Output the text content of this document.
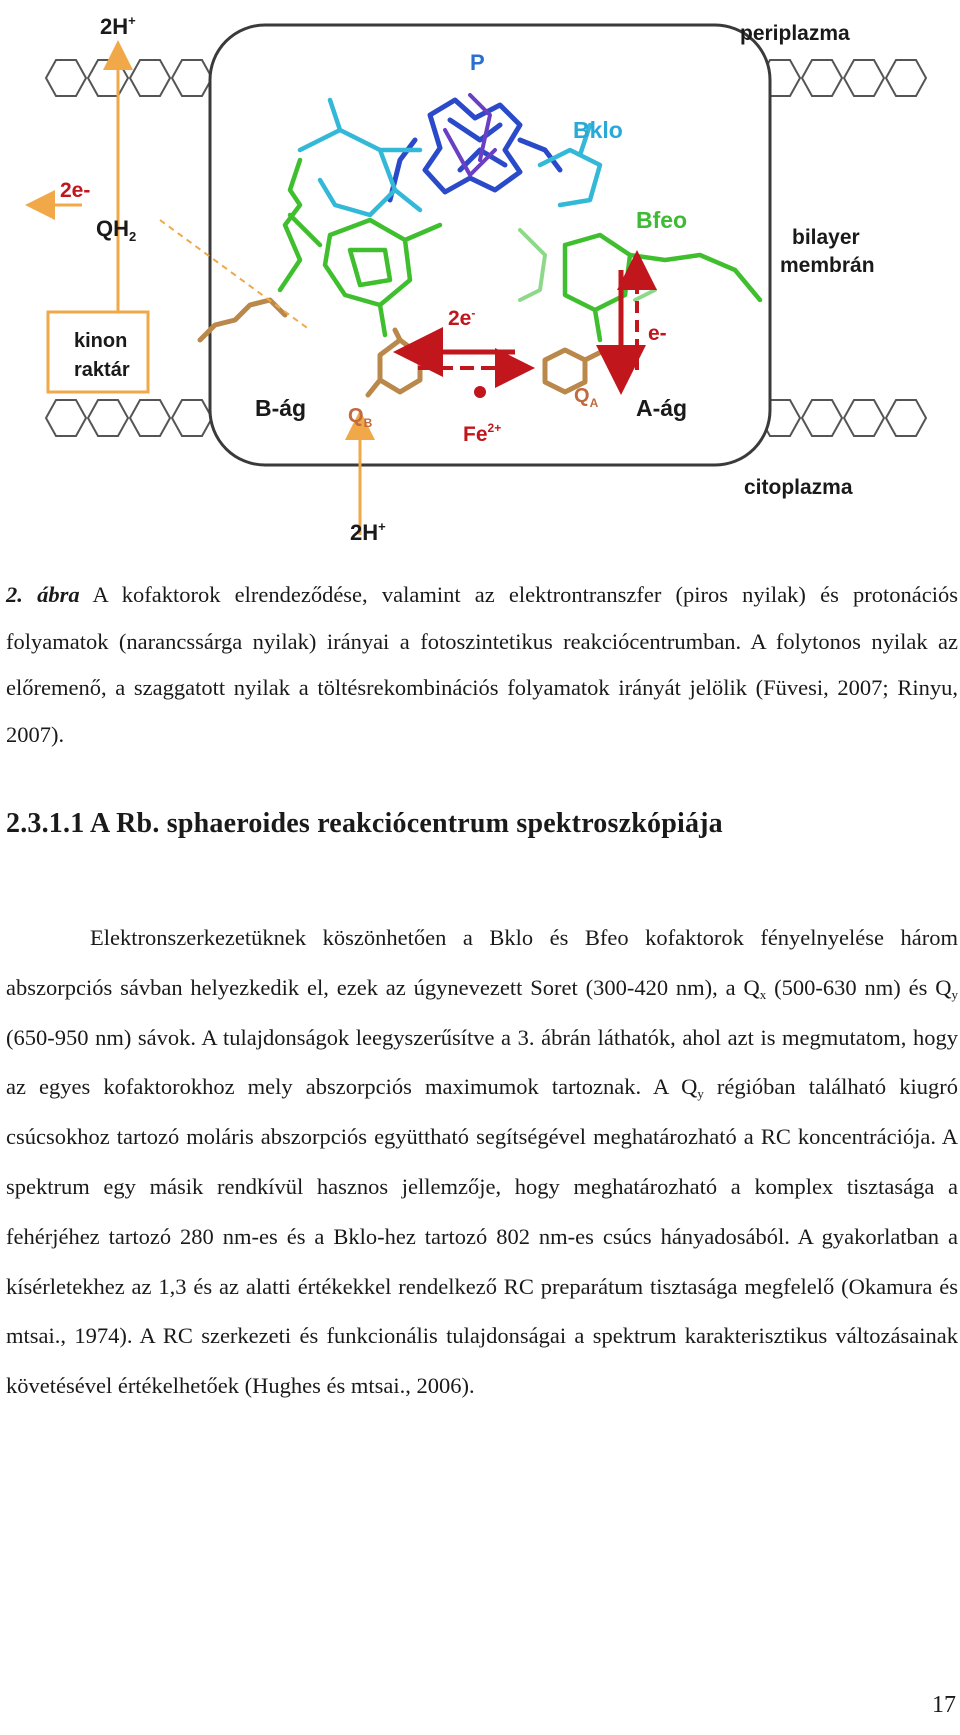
2H+
periplazma
P
Bklo
Bfeo
2e-
$QH_2$	bilayer
membrán
kinon
raktár
2e-
e-
B-ág	A-ág
$Q_B$
$Q_A$
$Fe^{2+}$
citoplazma
2H+

2. ábra A kofaktorok elrendeződése, valamint az elektrontranszfer (piros nyilak) és protonációs folyamatok (narancssárga nyilak) irányai a fotoszintetikus reakciócentrumban. A folytonos nyilak az előremenő, a szaggatott nyilak a töltésrekombinációs folyamatok irányát jelölik (Füvesi, 2007; Rinyu, 2007).

2.3.1.1 A Rb. sphaeroides reakciócentrum spektroszkópiája

Elektronszerkezetüknek köszönhetően a Bklo és Bfeo kofaktorok fényelnyelése három abszorpciós sávban helyezkedik el, ezek az úgynevezett Soret (300-420 nm), a $Q_x$ (500-630 nm) és $Q_y$ (650-950 nm) sávok. A tulajdonságok leegyszerűsítve a 3. ábrán láthatók, ahol azt is megmutatom, hogy az egyes kofaktorokhoz mely abszorpciós maximumok tartoznak. A $Q_y$ régióban található kiugró csúcsokhoz tartozó moláris abszorpciós együttható segítségével meghatározható a RC koncentrációja. A spektrum egy másik rendkívül hasznos jellemzője, hogy meghatározható a komplex tisztasága a fehérjéhez tartozó 280 nm-es és a Bklo-hez tartozó 802 nm-es csúcs hányadosából. A gyakorlatban a kísérletekhez az 1,3 és az alatti értékekkel rendelkező RC preparátum tisztasága megfelelő (Okamura és mtsai., 1974). A RC szerkezeti és funkcionális tulajdonságai a spektrum karakterisztikus változásainak követésével értékelhetőek (Hughes és mtsai., 2006).

17
